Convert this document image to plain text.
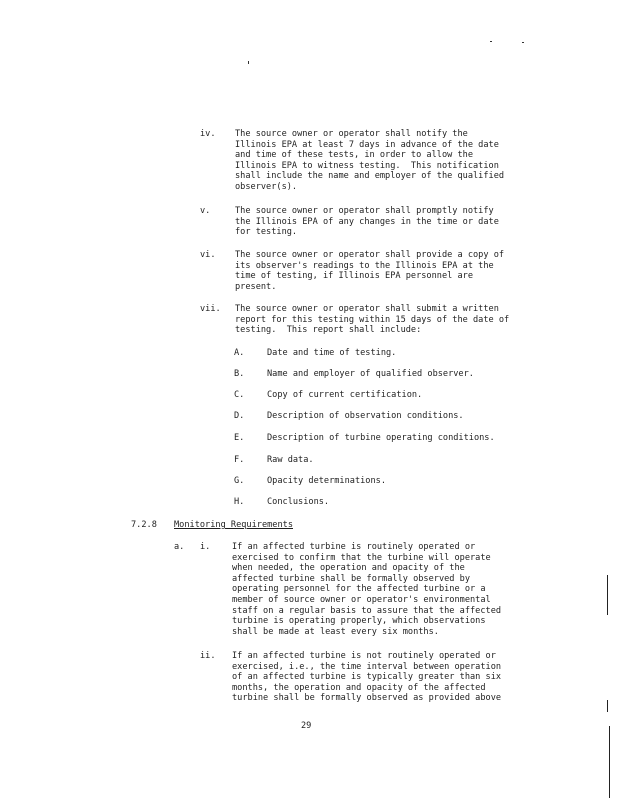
iv. The source owner or operator shall notify the
Illinois EPA at least 7 days in advance of the date
and time of these tests, in order to allow the
Illinois EPA to witness testing.  This notification
shall include the name and employer of the qualified
observer(s).
v.	The source owner or operator shall promptly notify
the Illinois EPA of any changes in the time or date
for testing.
vi. The source owner or operator shall provide a copy of
its observer's readings to the Illinois EPA at the
time of testing, if Illinois EPA personnel are
present.
vii. The source owner or operator shall submit a written
report for this testing within 15 days of the date of
testing.  This report shall include:
A.	Date and time of testing.
B.	Name and employer of qualified observer.
C.	Copy of current certification.
D.	Description of observation conditions.
E.	Description of turbine operating conditions.
F.	Raw data.
G.	Opacity determinations.
H.	Conclusions.
7.2.8 Monitoring Requirements
a. i.	If an affected turbine is routinely operated or
exercised to confirm that the turbine will operate
when needed, the operation and opacity of the
affected turbine shall be formally observed by
operating personnel for the affected turbine or a
member of source owner or operator's environmental
staff on a regular basis to assure that the affected
turbine is operating properly, which observations
shall be made at least every six months.
ii. If an affected turbine is not routinely operated or
exercised, i.e., the time interval between operation
of an affected turbine is typically greater than six
months, the operation and opacity of the affected
turbine shall be formally observed as provided above
29
